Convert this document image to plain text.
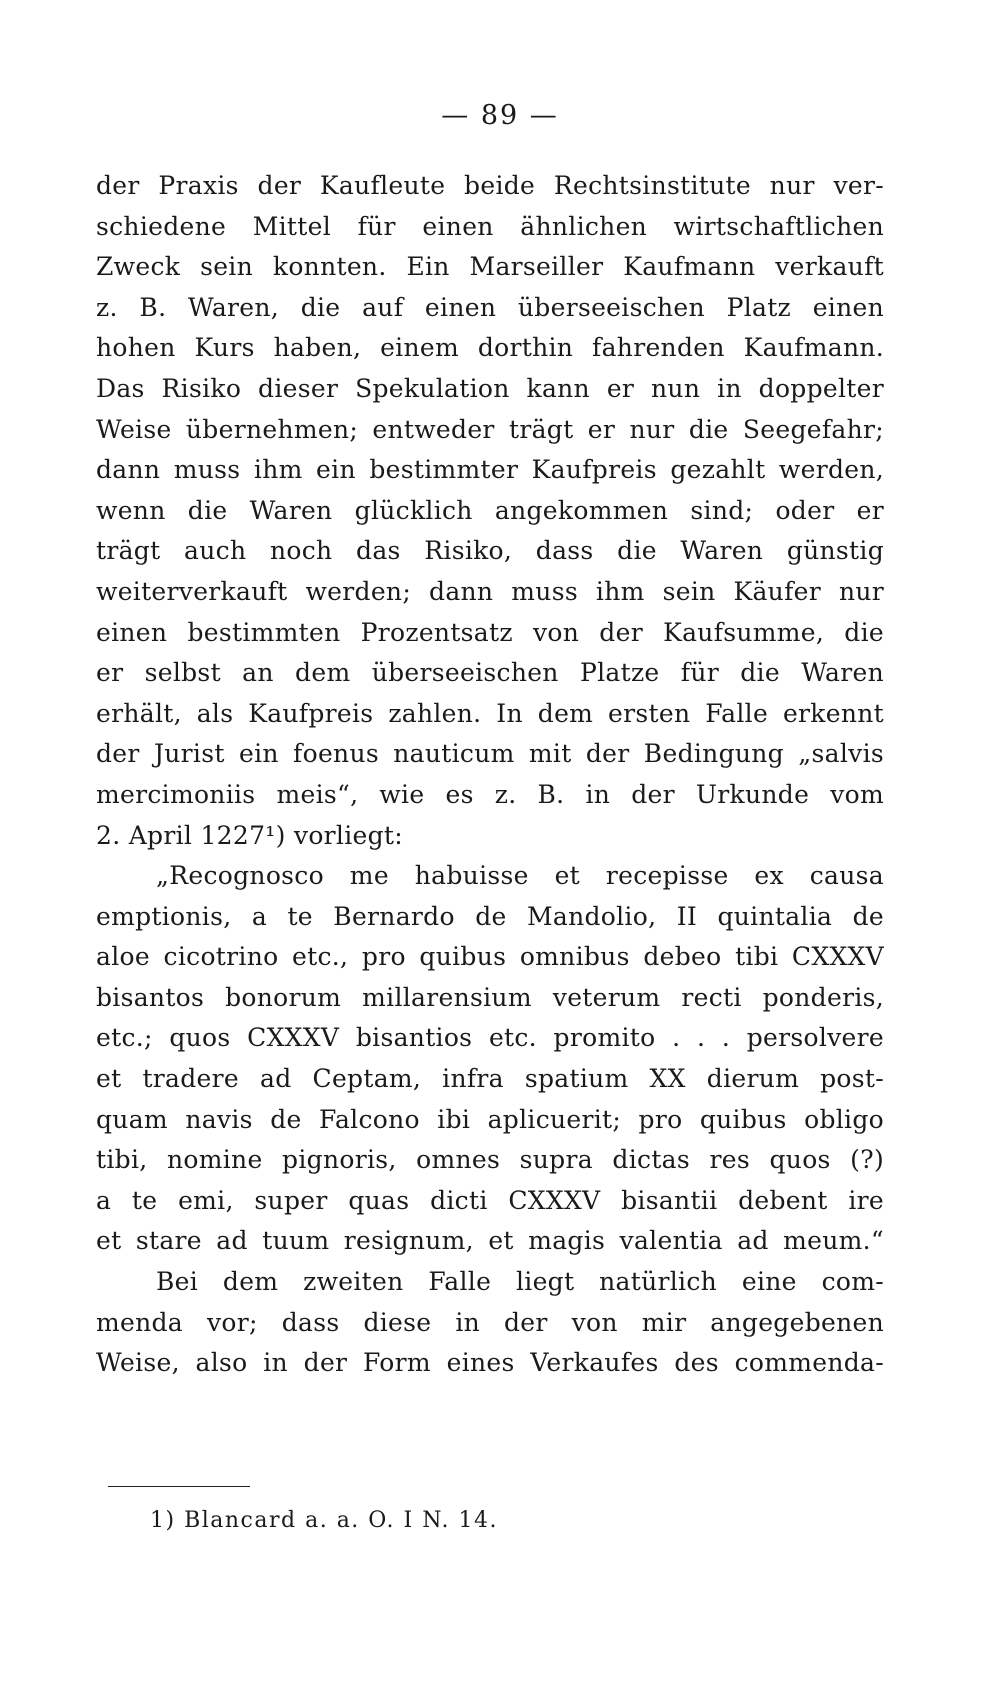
— 89 —
der Praxis der Kaufleute beide Rechtsinstitute nur ver-
schiedene Mittel für einen ähnlichen wirtschaftlichen
Zweck sein konnten. Ein Marseiller Kaufmann verkauft
z. B. Waren, die auf einen überseeischen Platz einen
hohen Kurs haben, einem dorthin fahrenden Kaufmann.
Das Risiko dieser Spekulation kann er nun in doppelter
Weise übernehmen; entweder trägt er nur die Seegefahr;
dann muss ihm ein bestimmter Kaufpreis gezahlt werden,
wenn die Waren glücklich angekommen sind; oder er
trägt auch noch das Risiko, dass die Waren günstig
weiterverkauft werden; dann muss ihm sein Käufer nur
einen bestimmten Prozentsatz von der Kaufsumme, die
er selbst an dem überseeischen Platze für die Waren
erhält, als Kaufpreis zahlen. In dem ersten Falle erkennt
der Jurist ein foenus nauticum mit der Bedingung „salvis
mercimoniis meis“, wie es z. B. in der Urkunde vom
2. April 1227¹) vorliegt:
„Recognosco me habuisse et recepisse ex causa
emptionis, a te Bernardo de Mandolio, II quintalia de
aloe cicotrino etc., pro quibus omnibus debeo tibi CXXXV
bisantos bonorum millarensium veterum recti ponderis,
etc.; quos CXXXV bisantios etc. promito . . . persolvere
et tradere ad Ceptam, infra spatium XX dierum post-
quam navis de Falcono ibi aplicuerit; pro quibus obligo
tibi, nomine pignoris, omnes supra dictas res quos (?)
a te emi, super quas dicti CXXXV bisantii debent ire
et stare ad tuum resignum, et magis valentia ad meum.“
Bei dem zweiten Falle liegt natürlich eine com-
menda vor; dass diese in der von mir angegebenen
Weise, also in der Form eines Verkaufes des commenda-
1) Blancard a. a. O. I N. 14.
